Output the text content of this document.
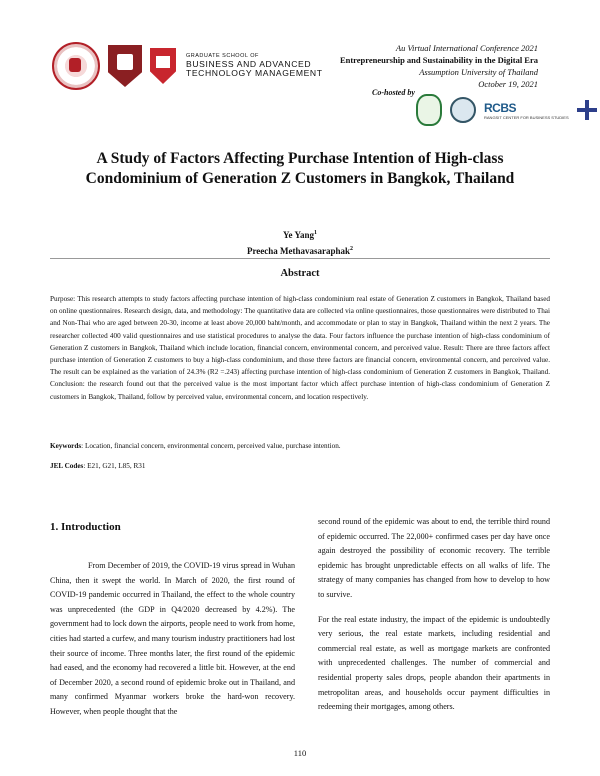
GRADUATE SCHOOL OF
BUSINESS AND ADVANCED
TECHNOLOGY MANAGEMENT
Au Virtual International Conference 2021
Entrepreneurship and Sustainability in the Digital Era
Assumption University of Thailand
October 19, 2021
Co-hosted by
RCBS
RANGSIT CENTER FOR BUSINESS STUDIES
A Study of Factors Affecting Purchase Intention of High-class
Condominium of Generation Z Customers in Bangkok, Thailand
Ye Yang$^1$
Preecha Methavasaraphak$^2$
Abstract
Purpose: This research attempts to study factors affecting purchase intention of high-class condominium real estate of Generation Z customers in Bangkok, Thailand based on online questionnaires. Research design, data, and methodology: The quantitative data are collected via online questionnaires, those questionnaires were distributed to Thai and Non-Thai who are aged between 20-30, income at least above 20,000 baht/month, and accommodate or plan to stay in Bangkok, Thailand within the next 2 years. The researcher collected 400 valid questionnaires and use statistical procedures to analyse the data. Four factors influence the purchase intention of high-class condominium of Generation Z customers in Bangkok, Thailand which include location, financial concern, environmental concern, and perceived value. Result: There are three factors affect purchase intention of Generation Z customers to buy a high-class condominium, and those three factors are financial concern, environmental concern, and perceived value. The result can be explained as the variation of 24.3% (R2 =.243) affecting purchase intention of high-class condominium of Generation Z customers in Bangkok, Thailand. Conclusion: the research found out that the perceived value is the most important factor which affect purchase intention of high-class condominium of Generation Z customers in Bangkok, Thailand, follow by perceived value, environmental concern, and location respectively.
Keywords: Location, financial concern, environmental concern, perceived value, purchase intention.
JEL Codes: E21, G21, L85, R31
1. Introduction
From December of 2019, the COVID-19 virus spread in Wuhan China, then it swept the world. In March of 2020, the first round of COVID-19 pandemic occurred in Thailand, the effect to the whole country was unprecedented (the GDP in Q4/2020 decreased by 4.2%). The government had to lock down the airports, people need to work from home, cities had started a curfew, and many tourism industry practitioners had lost their source of income. Three months later, the first round of the epidemic had eased, and the economy had recovered a little bit. However, at the end of December 2020, a second round of epidemic broke out in Thailand, and many confirmed Myanmar workers broke the hard-won recovery. However, when people thought that the

second round of the epidemic was about to end, the terrible third round of epidemic occurred. The 22,000+ confirmed cases per day have once again destroyed the possibility of economic recovery. The terrible epidemic has brought unpredictable effects on all walks of life. The strategy of many companies has changed from how to develop to how to survive.

For the real estate industry, the impact of the epidemic is undoubtedly very serious, the real estate markets, including residential and commercial real estate, as well as mortgage markets are confronted with unprecedented challenges. The number of commercial and residential property sales drops, people abandon their apartments in metropolitan areas, and households occur payment difficulties in redeeming their mortgages, among others.

110
